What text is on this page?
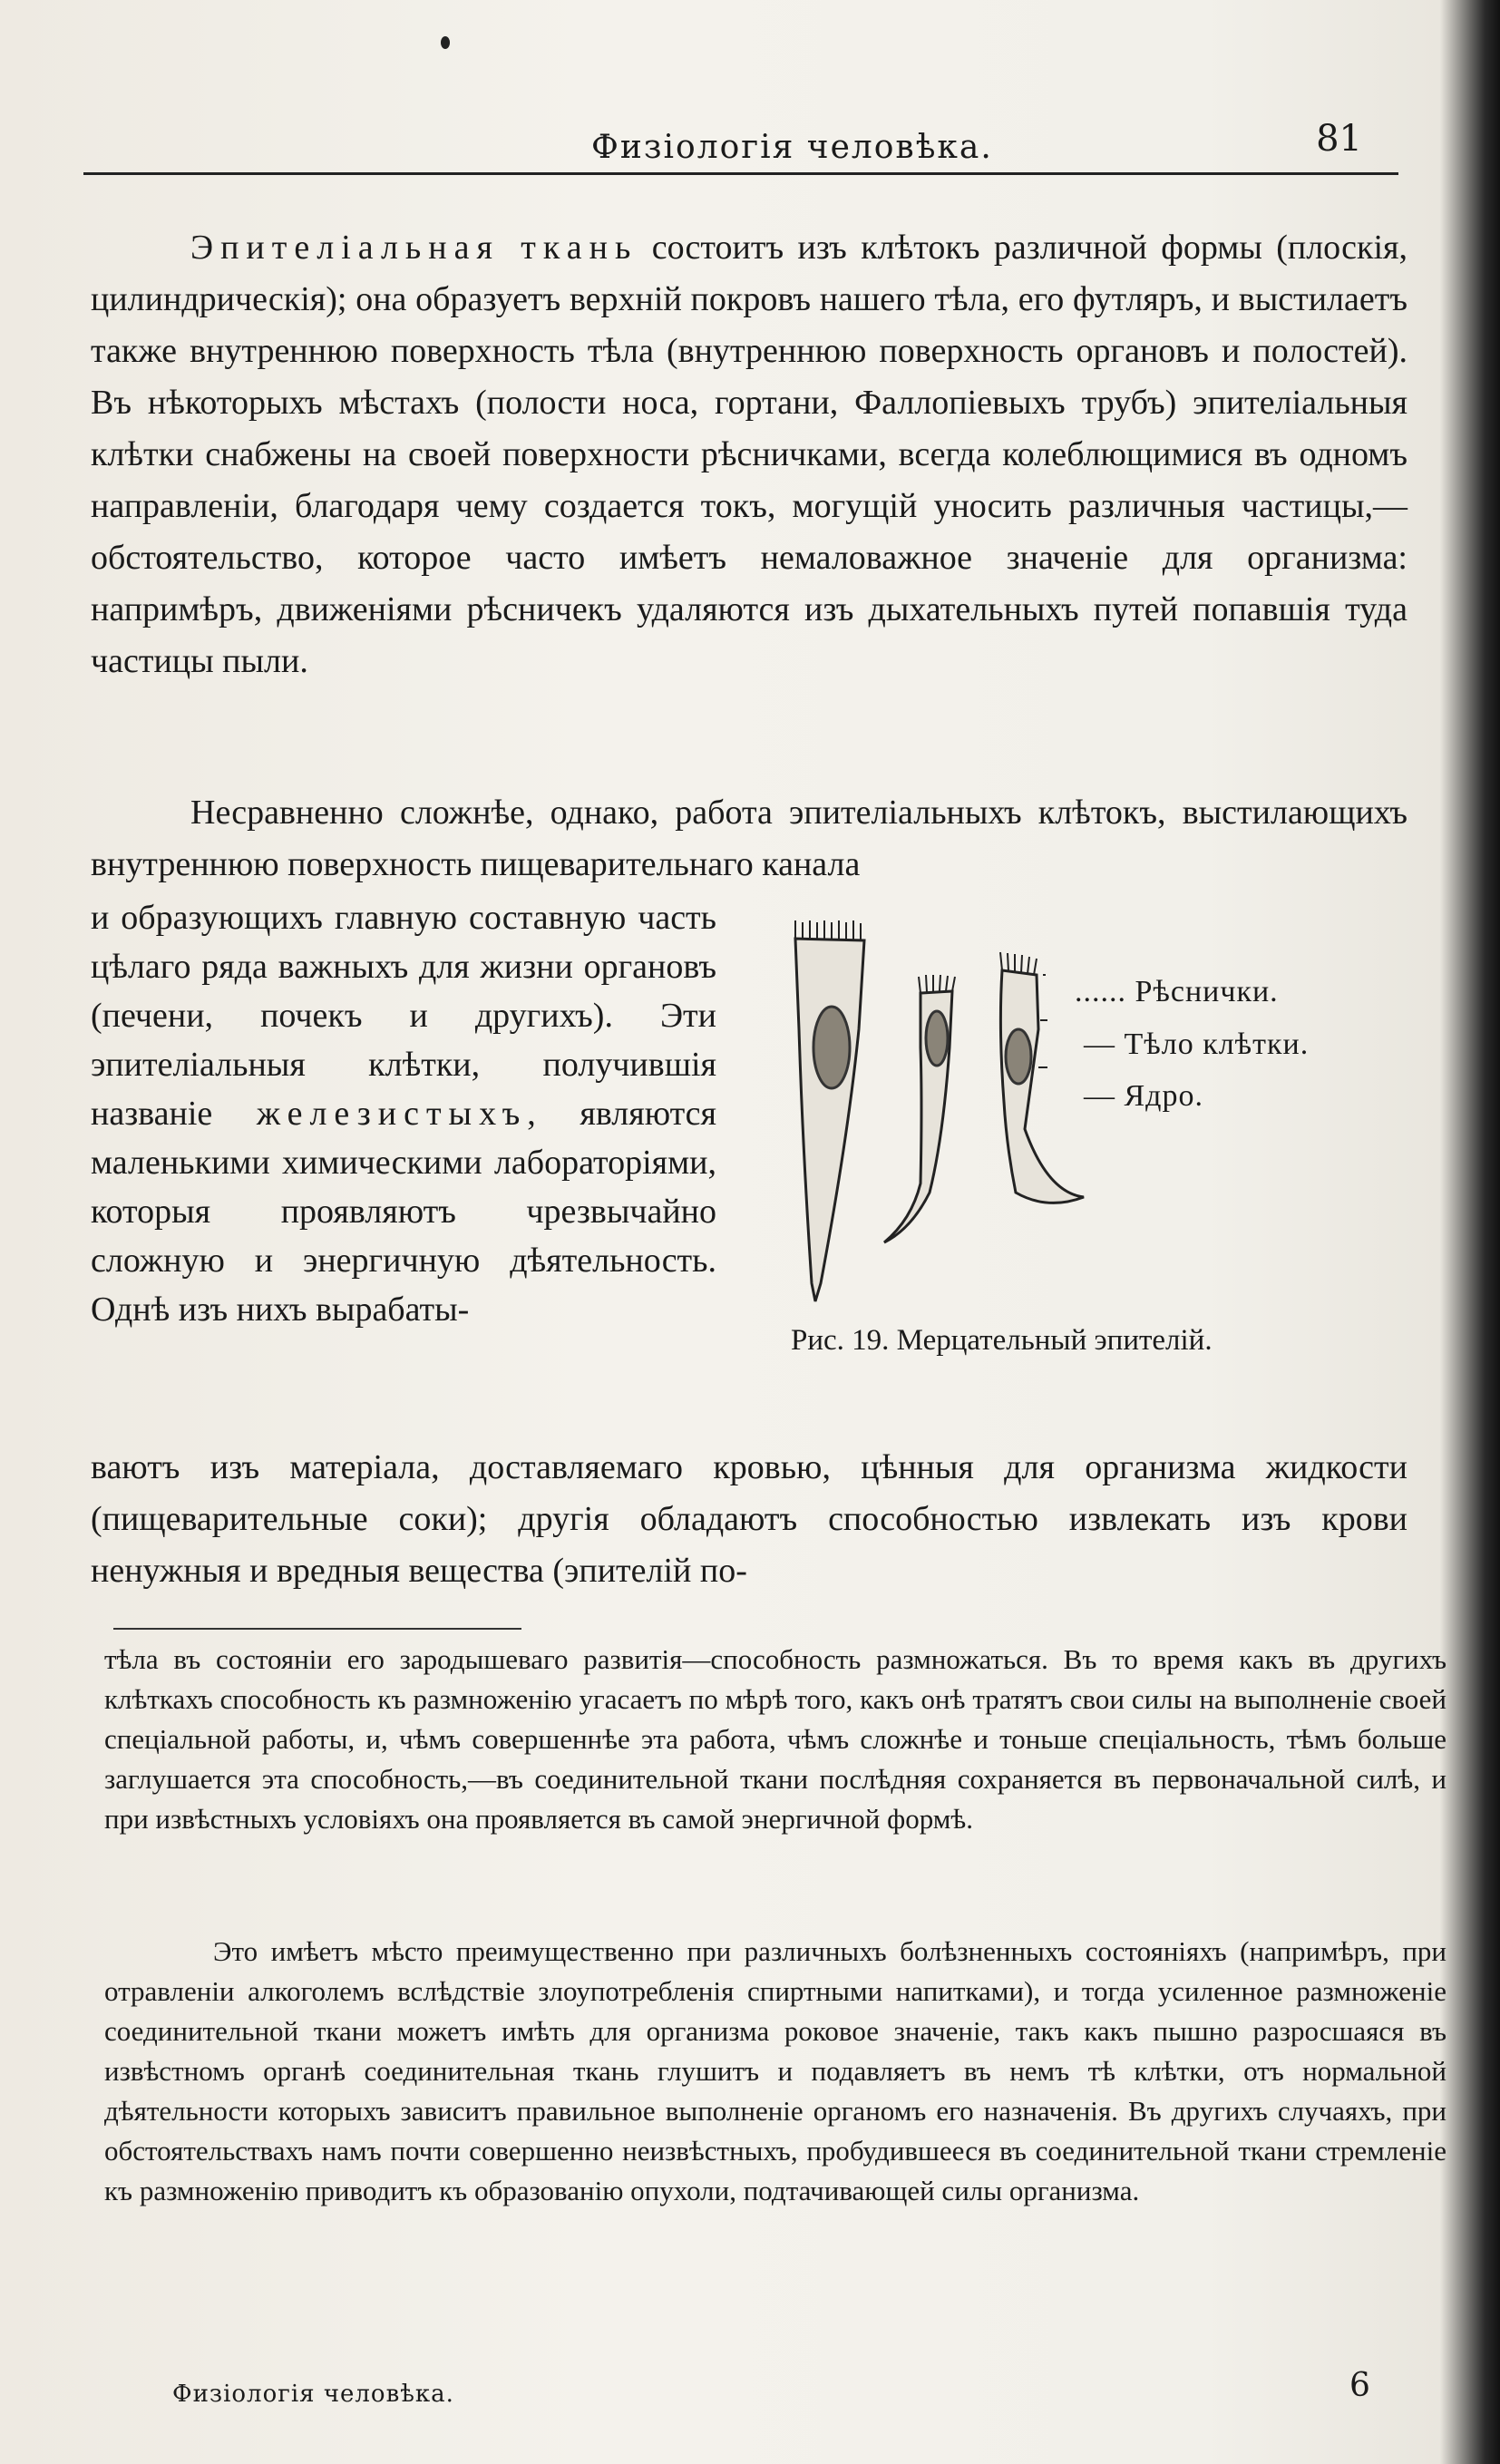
Физiологiя человѣка.	81

Эпителiальная ткань состоитъ изъ клѣтокъ различной формы (плоскiя, цилиндрическiя); она образуетъ верхнiй покровъ нашего тѣла, его футляръ, и выстилаетъ также внутреннюю поверхность тѣла (внутреннюю поверхность органовъ и полостей). Въ нѣкоторыхъ мѣстахъ (полости носа, гортани, Фаллопiевыхъ трубъ) эпителiальныя клѣтки снабжены на своей поверхности рѣсничками, всегда колеблющимися въ одномъ направленiи, благодаря чему создается токъ, могущiй уносить различныя частицы,—обстоятельство, которое часто имѣетъ немаловажное значенiе для организма: напримѣръ, движенiями рѣсничекъ удаляются изъ дыхательныхъ путей попавшiя туда частицы пыли.

Несравненно сложнѣе, однако, работа эпителiальныхъ клѣтокъ, выстилающихъ внутреннюю поверхность пищеварительнаго канала

и образующихъ главную составную часть цѣлаго ряда важныхъ для жизни органовъ (печени, почекъ и другихъ). Эти эпителiальныя клѣтки, получившiя названiе железистыхъ, являются маленькими химическими лабораторiями, которыя проявляютъ чрезвычайно сложную и энергичную дѣятельность. Однѣ изъ нихъ вырабаты-

...... Рѣснички.
— Тѣло клѣтки.
— Ядро.
Рис. 19. Мерцательный эпителiй.

ваютъ изъ матерiала, доставляемаго кровью, цѣнныя для организма жидкости (пищеварительные соки); другiя обладаютъ способностью извлекать изъ крови ненужныя и вредныя вещества (эпителiй по-

тѣла въ состоянiи его зародышеваго развитiя—способность размножаться. Въ то время какъ въ другихъ клѣткахъ способность къ размноженiю угасаетъ по мѣрѣ того, какъ онѣ тратятъ свои силы на выполненiе своей спецiальной работы, и, чѣмъ совершеннѣе эта работа, чѣмъ сложнѣе и тоньше спецiальность, тѣмъ больше заглушается эта способность,—въ соединительной ткани послѣдняя сохраняется въ первоначальной силѣ, и при извѣстныхъ условiяхъ она проявляется въ самой энергичной формѣ.

Это имѣетъ мѣсто преимущественно при различныхъ болѣзненныхъ состоянiяхъ (напримѣръ, при отравленiи алкоголемъ вслѣдствiе злоупотребленiя спиртными напитками), и тогда усиленное размноженiе соединительной ткани можетъ имѣть для организма роковое значенiе, такъ какъ пышно разросшаяся въ извѣстномъ органѣ соединительная ткань глушитъ и подавляетъ въ немъ тѣ клѣтки, отъ нормальной дѣятельности которыхъ зависитъ правильное выполненiе органомъ его назначенiя. Въ другихъ случаяхъ, при обстоятельствахъ намъ почти совершенно неизвѣстныхъ, пробудившееся въ соединительной ткани стремленiе къ размноженiю приводитъ къ образованiю опухоли, подтачивающей силы организма.

Физiологiя человѣка.	6
